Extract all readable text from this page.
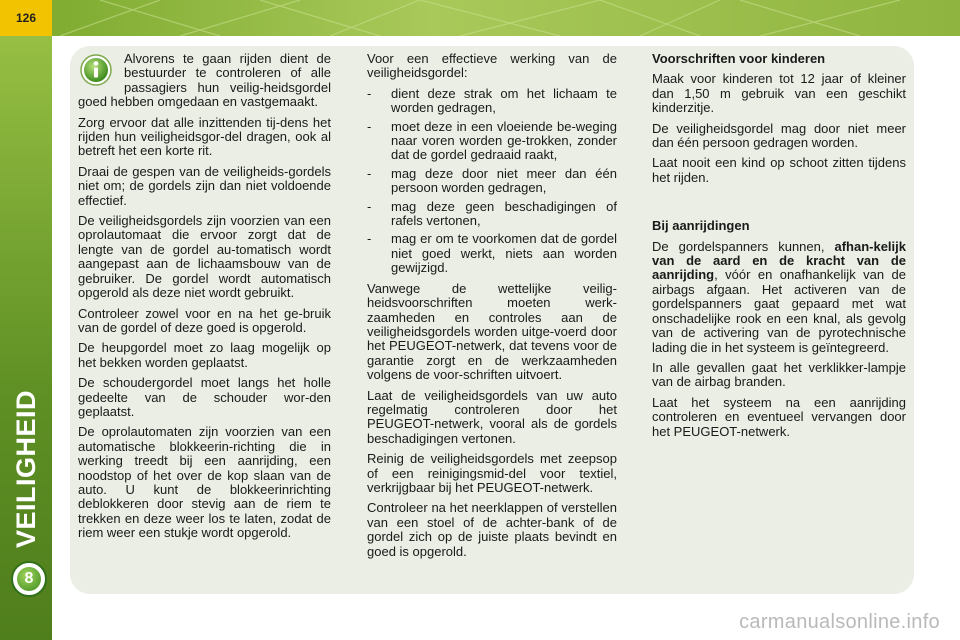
126
8

Alvorens te gaan rijden dient de bestuurder te controleren of alle passagiers hun veilig-heidsgordel goed hebben omgedaan en vastgemaakt.

Zorg ervoor dat alle inzittenden tij-dens het rijden hun veiligheidsgor-del dragen, ook al betreft het een korte rit.

Draai de gespen van de veiligheids-gordels niet om; de gordels zijn dan niet voldoende effectief.

De veiligheidsgordels zijn voorzien van een oprolautomaat die ervoor zorgt dat de lengte van de gordel au-tomatisch wordt aangepast aan de lichaamsbouw van de gebruiker. De gordel wordt automatisch opgerold als deze niet wordt gebruikt.

Controleer zowel voor en na het ge-bruik van de gordel of deze goed is opgerold.

De heupgordel moet zo laag mogelijk op het bekken worden geplaatst.

De schoudergordel moet langs het holle gedeelte van de schouder wor-den geplaatst.

De oprolautomaten zijn voorzien van een automatische blokkeerin-richting die in werking treedt bij een aanrijding, een noodstop of het over de kop slaan van de auto. U kunt de blokkeerinrichting deblokkeren door stevig aan de riem te trekken en deze weer los te laten, zodat de riem weer een stukje wordt opgerold.

Voor een effectieve werking van de veiligheidsgordel:

- dient deze strak om het lichaam te worden gedragen,
- moet deze in een vloeiende be-weging naar voren worden ge-trokken, zonder dat de gordel gedraaid raakt,
- mag deze door niet meer dan één persoon worden gedragen,
- mag deze geen beschadigingen of rafels vertonen,
- mag er om te voorkomen dat de gordel niet goed werkt, niets aan worden gewijzigd.

Vanwege de wettelijke veilig-heidsvoorschriften moeten werk-zaamheden en controles aan de veiligheidsgordels worden uitge-voerd door het PEUGEOT-netwerk, dat tevens voor de garantie zorgt en de werkzaamheden volgens de voor-schriften uitvoert.

Laat de veiligheidsgordels van uw auto regelmatig controleren door het PEUGEOT-netwerk, vooral als de gordels beschadigingen vertonen.

Reinig de veiligheidsgordels met zeepsop of een reinigingsmid-del voor textiel, verkrijgbaar bij het PEUGEOT-netwerk.

Controleer na het neerklappen of verstellen van een stoel of de achter-bank of de gordel zich op de juiste plaats bevindt en goed is opgerold.

Voorschriften voor kinderen

Maak voor kinderen tot 12 jaar of kleiner dan 1,50 m gebruik van een geschikt kinderzitje.

De veiligheidsgordel mag door niet meer dan één persoon gedragen worden.

Laat nooit een kind op schoot zitten tijdens het rijden.

Bij aanrijdingen

De gordelspanners kunnen, afhan-kelijk van de aard en de kracht van de aanrijding, vóór en onafhankelijk van de airbags afgaan. Het activeren van de gordelspanners gaat gepaard met wat onschadelijke rook en een knal, als gevolg van de activering van de pyrotechnische lading die in het systeem is geïntegreerd.

In alle gevallen gaat het verklikker-lampje van de airbag branden.

Laat het systeem na een aanrijding controleren en eventueel vervangen door het PEUGEOT-netwerk.

carmanualsonline.info
